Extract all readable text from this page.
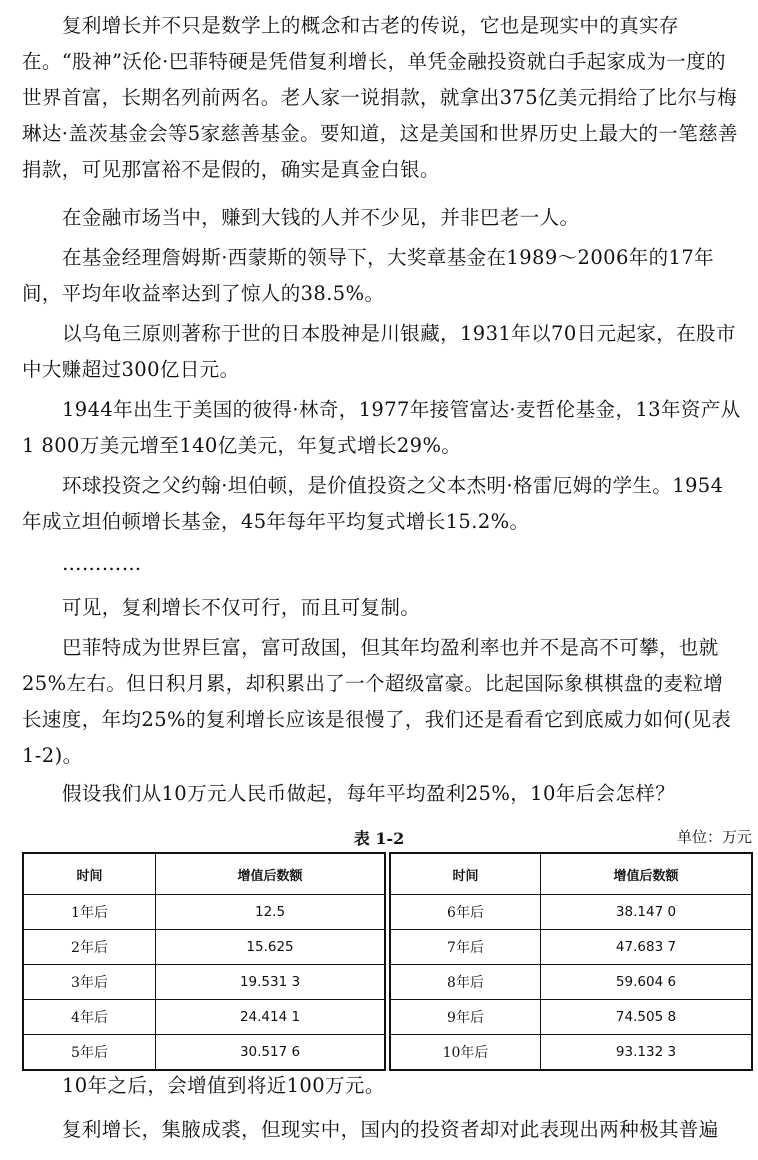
复利增长并不只是数学上的概念和古老的传说，它也是现实中的真实存在。“股神”沃伦·巴菲特硬是凭借复利增长，单凭金融投资就白手起家成为一度的世界首富，长期名列前两名。老人家一说捐款，就拿出375亿美元捐给了比尔与梅琳达·盖茨基金会等5家慈善基金。要知道，这是美国和世界历史上最大的一笔慈善捐款，可见那富裕不是假的，确实是真金白银。

在金融市场当中，赚到大钱的人并不少见，并非巴老一人。

在基金经理詹姆斯·西蒙斯的领导下，大奖章基金在1989～2006年的17年间，平均年收益率达到了惊人的38.5%。

以乌龟三原则著称于世的日本股神是川银藏，1931年以70日元起家，在股市中大赚超过300亿日元。

1944年出生于美国的彼得·林奇，1977年接管富达·麦哲伦基金，13年资产从1 800万美元增至140亿美元，年复式增长29%。

环球投资之父约翰·坦伯顿，是价值投资之父本杰明·格雷厄姆的学生。1954年成立坦伯顿增长基金，45年每年平均复式增长15.2%。

…………

可见，复利增长不仅可行，而且可复制。

巴菲特成为世界巨富，富可敌国，但其年均盈利率也并不是高不可攀，也就25%左右。但日积月累，却积累出了一个超级富豪。比起国际象棋棋盘的麦粒增长速度，年均25%的复利增长应该是很慢了，我们还是看看它到底威力如何(见表1-2)。

假设我们从10万元人民币做起，每年平均盈利25%，10年后会怎样？

表 1-2	单位：万元
时间	增值后数额
1年后	12.5
2年后	15.625
3年后	19.531 3
4年后	24.414 1
5年后	30.517 6
时间	增值后数额
6年后	38.147 0
7年后	47.683 7
8年后	59.604 6
9年后	74.505 8
10年后	93.132 3

10年之后，会增值到将近100万元。

复利增长，集腋成裘，但现实中，国内的投资者却对此表现出两种极其普遍
